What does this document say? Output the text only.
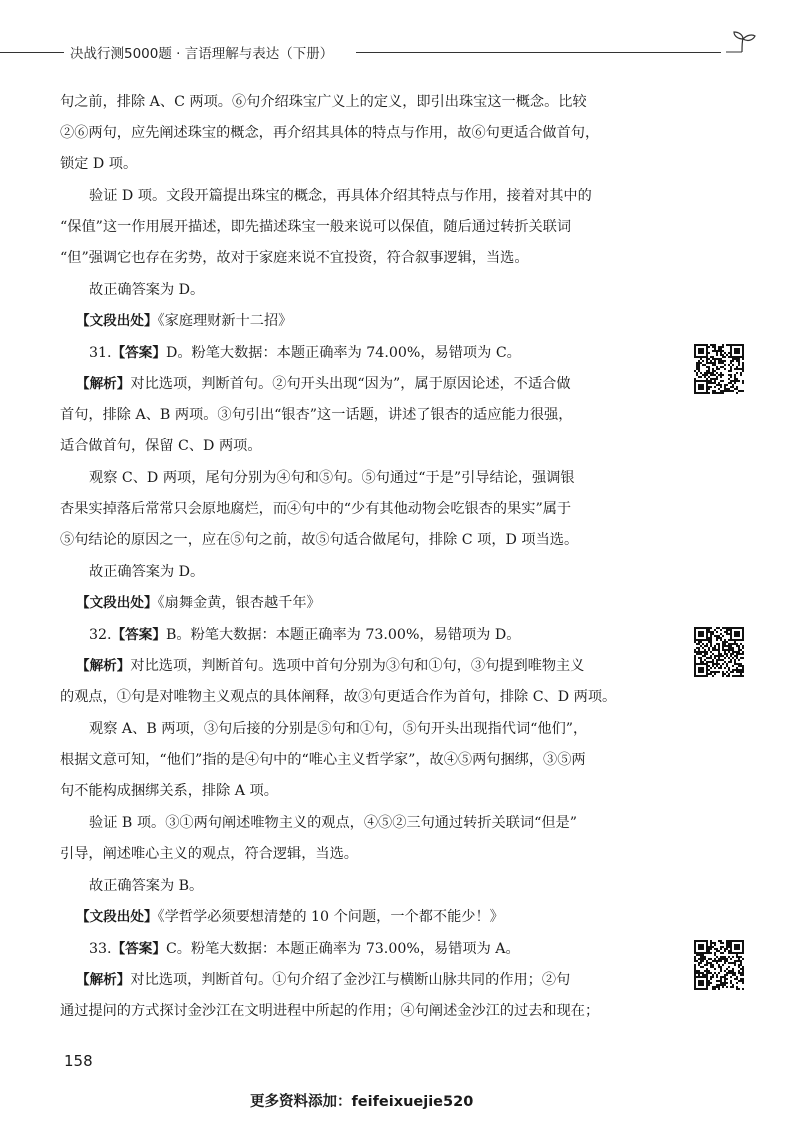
决战行测5000题 · 言语理解与表达（下册）

句之前，排除 A、C 两项。⑥句介绍珠宝广义上的定义，即引出珠宝这一概念。比较

②⑥两句，应先阐述珠宝的概念，再介绍其具体的特点与作用，故⑥句更适合做首句，

锁定 D 项。

验证 D 项。文段开篇提出珠宝的概念，再具体介绍其特点与作用，接着对其中的

“保值”这一作用展开描述，即先描述珠宝一般来说可以保值，随后通过转折关联词

“但”强调它也存在劣势，故对于家庭来说不宜投资，符合叙事逻辑，当选。

故正确答案为 D。

【文段出处】《家庭理财新十二招》

31.【答案】D。粉笔大数据：本题正确率为 74.00%，易错项为 C。

【解析】对比选项，判断首句。②句开头出现“因为”，属于原因论述，不适合做

首句，排除 A、B 两项。③句引出“银杏”这一话题，讲述了银杏的适应能力很强，

适合做首句，保留 C、D 两项。

观察 C、D 两项，尾句分别为④句和⑤句。⑤句通过“于是”引导结论，强调银

杏果实掉落后常常只会原地腐烂，而④句中的“少有其他动物会吃银杏的果实”属于

⑤句结论的原因之一，应在⑤句之前，故⑤句适合做尾句，排除 C 项，D 项当选。

故正确答案为 D。

【文段出处】《扇舞金黄，银杏越千年》

32.【答案】B。粉笔大数据：本题正确率为 73.00%，易错项为 D。

【解析】对比选项，判断首句。选项中首句分别为③句和①句，③句提到唯物主义

的观点，①句是对唯物主义观点的具体阐释，故③句更适合作为首句，排除 C、D 两项。

观察 A、B 两项，③句后接的分别是⑤句和①句，⑤句开头出现指代词“他们”，

根据文意可知，“他们”指的是④句中的“唯心主义哲学家”，故④⑤两句捆绑，③⑤两

句不能构成捆绑关系，排除 A 项。

验证 B 项。③①两句阐述唯物主义的观点，④⑤②三句通过转折关联词“但是”

引导，阐述唯心主义的观点，符合逻辑，当选。

故正确答案为 B。

【文段出处】《学哲学必须要想清楚的 10 个问题，一个都不能少！》

33.【答案】C。粉笔大数据：本题正确率为 73.00%，易错项为 A。

【解析】对比选项，判断首句。①句介绍了金沙江与横断山脉共同的作用；②句

通过提问的方式探讨金沙江在文明进程中所起的作用；④句阐述金沙江的过去和现在；

158
更多资料添加：feifeixuejie520
